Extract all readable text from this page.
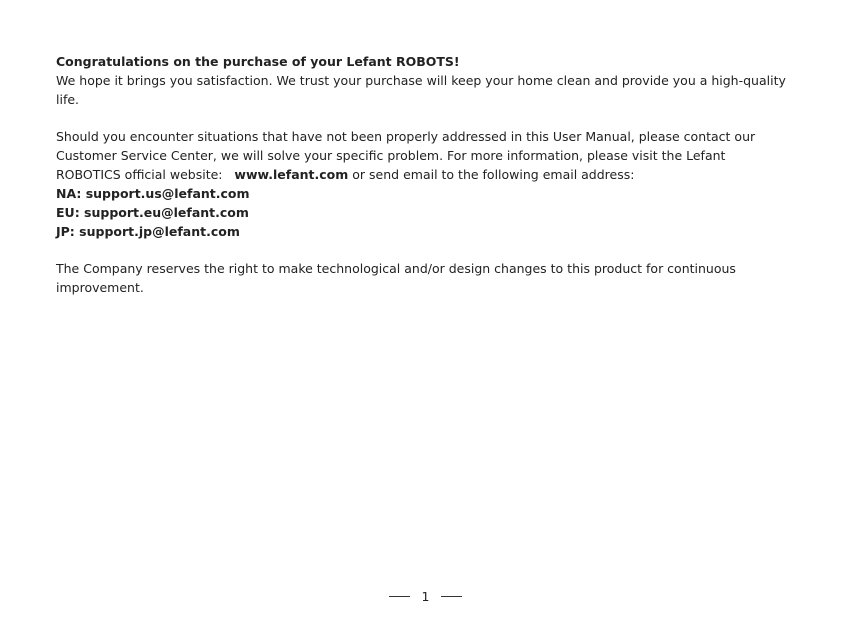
Congratulations on the purchase of your Lefant ROBOTS!

We hope it brings you satisfaction. We trust your purchase will keep your home clean and provide you a high-quality life.

Should you encounter situations that have not been properly addressed in this User Manual, please contact our Customer Service Center, we will solve your specific problem. For more information, please visit the Lefant ROBOTICS official website: www.lefant.com or send email to the following email address:

NA: support.us@lefant.com

EU: support.eu@lefant.com

JP: support.jp@lefant.com

The Company reserves the right to make technological and/or design changes to this product for continuous improvement.

1
